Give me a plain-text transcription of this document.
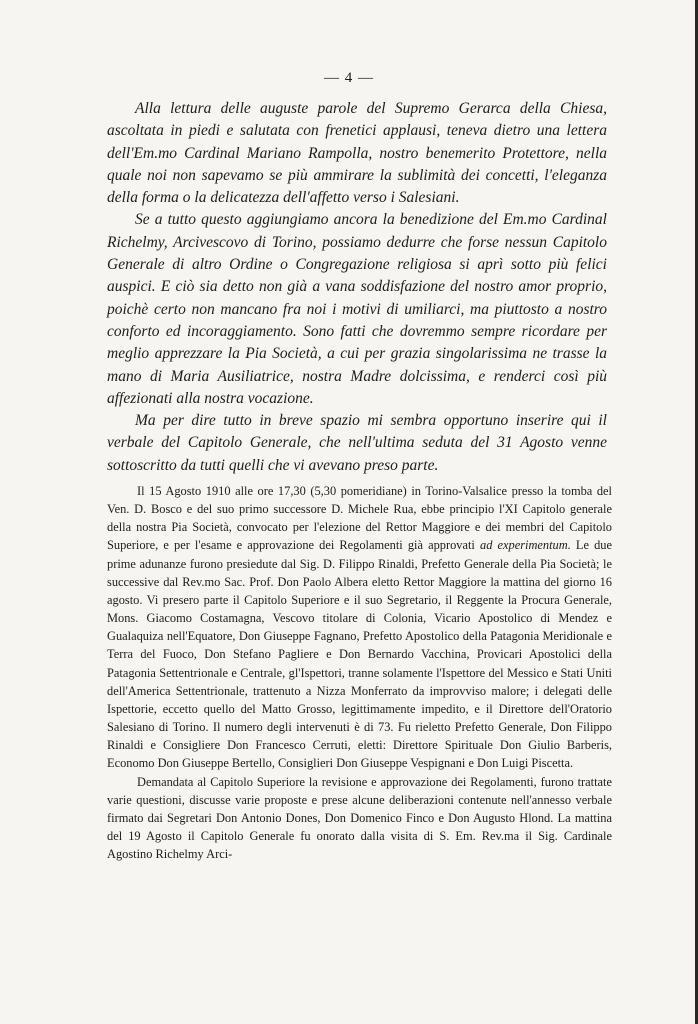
— 4 —

Alla lettura delle auguste parole del Supremo Gerarca della Chiesa, ascoltata in piedi e salutata con frenetici applausi, teneva dietro una lettera dell'Em.mo Cardinal Mariano Rampolla, nostro benemerito Protettore, nella quale noi non sapevamo se più ammirare la sublimità dei concetti, l'eleganza della forma o la delicatezza dell'affetto verso i Salesiani.

Se a tutto questo aggiungiamo ancora la benedizione del Em.mo Cardinal Richelmy, Arcivescovo di Torino, possiamo dedurre che forse nessun Capitolo Generale di altro Ordine o Congregazione religiosa si aprì sotto più felici auspici. E ciò sia detto non già a vana soddisfazione del nostro amor proprio, poichè certo non mancano fra noi i motivi di umiliarci, ma piuttosto a nostro conforto ed incoraggiamento. Sono fatti che dovremmo sempre ricordare per meglio apprezzare la Pia Società, a cui per grazia singolarissima ne trasse la mano di Maria Ausiliatrice, nostra Madre dolcissima, e renderci così più affezionati alla nostra vocazione.

Ma per dire tutto in breve spazio mi sembra opportuno inserire qui il verbale del Capitolo Generale, che nell'ultima seduta del 31 Agosto venne sottoscritto da tutti quelli che vi avevano preso parte.

Il 15 Agosto 1910 alle ore 17,30 (5,30 pomeridiane) in Torino-Valsalice presso la tomba del Ven. D. Bosco e del suo primo successore D. Michele Rua, ebbe principio l'XI Capitolo generale della nostra Pia Società, convocato per l'elezione del Rettor Maggiore e dei membri del Capitolo Superiore, e per l'esame e approvazione dei Regolamenti già approvati ad experimentum. Le due prime adunanze furono presiedute dal Sig. D. Filippo Rinaldi, Prefetto Generale della Pia Società; le successive dal Rev.mo Sac. Prof. Don Paolo Albera eletto Rettor Maggiore la mattina del giorno 16 agosto. Vi presero parte il Capitolo Superiore e il suo Segretario, il Reggente la Procura Generale, Mons. Giacomo Costamagna, Vescovo titolare di Colonia, Vicario Apostolico di Mendez e Gualaquiza nell'Equatore, Don Giuseppe Fagnano, Prefetto Apostolico della Patagonia Meridionale e Terra del Fuoco, Don Stefano Pagliere e Don Bernardo Vacchina, Provicari Apostolici della Patagonia Settentrionale e Centrale, gl'Ispettori, tranne solamente l'Ispettore del Messico e Stati Uniti dell'America Settentrionale, trattenuto a Nizza Monferrato da improvviso malore; i delegati delle Ispettorie, eccetto quello del Matto Grosso, legittimamente impedito, e il Direttore dell'Oratorio Salesiano di Torino. Il numero degli intervenuti è di 73. Fu rieletto Prefetto Generale, Don Filippo Rinaldi e Consigliere Don Francesco Cerruti, eletti: Direttore Spirituale Don Giulio Barberis, Economo Don Giuseppe Bertello, Consiglieri Don Giuseppe Vespignani e Don Luigi Piscetta.

Demandata al Capitolo Superiore la revisione e approvazione dei Regolamenti, furono trattate varie questioni, discusse varie proposte e prese alcune deliberazioni contenute nell'annesso verbale firmato dai Segretari Don Antonio Dones, Don Domenico Finco e Don Augusto Hlond. La mattina del 19 Agosto il Capitolo Generale fu onorato dalla visita di S. Em. Rev.ma il Sig. Cardinale Agostino Richelmy Arci-
